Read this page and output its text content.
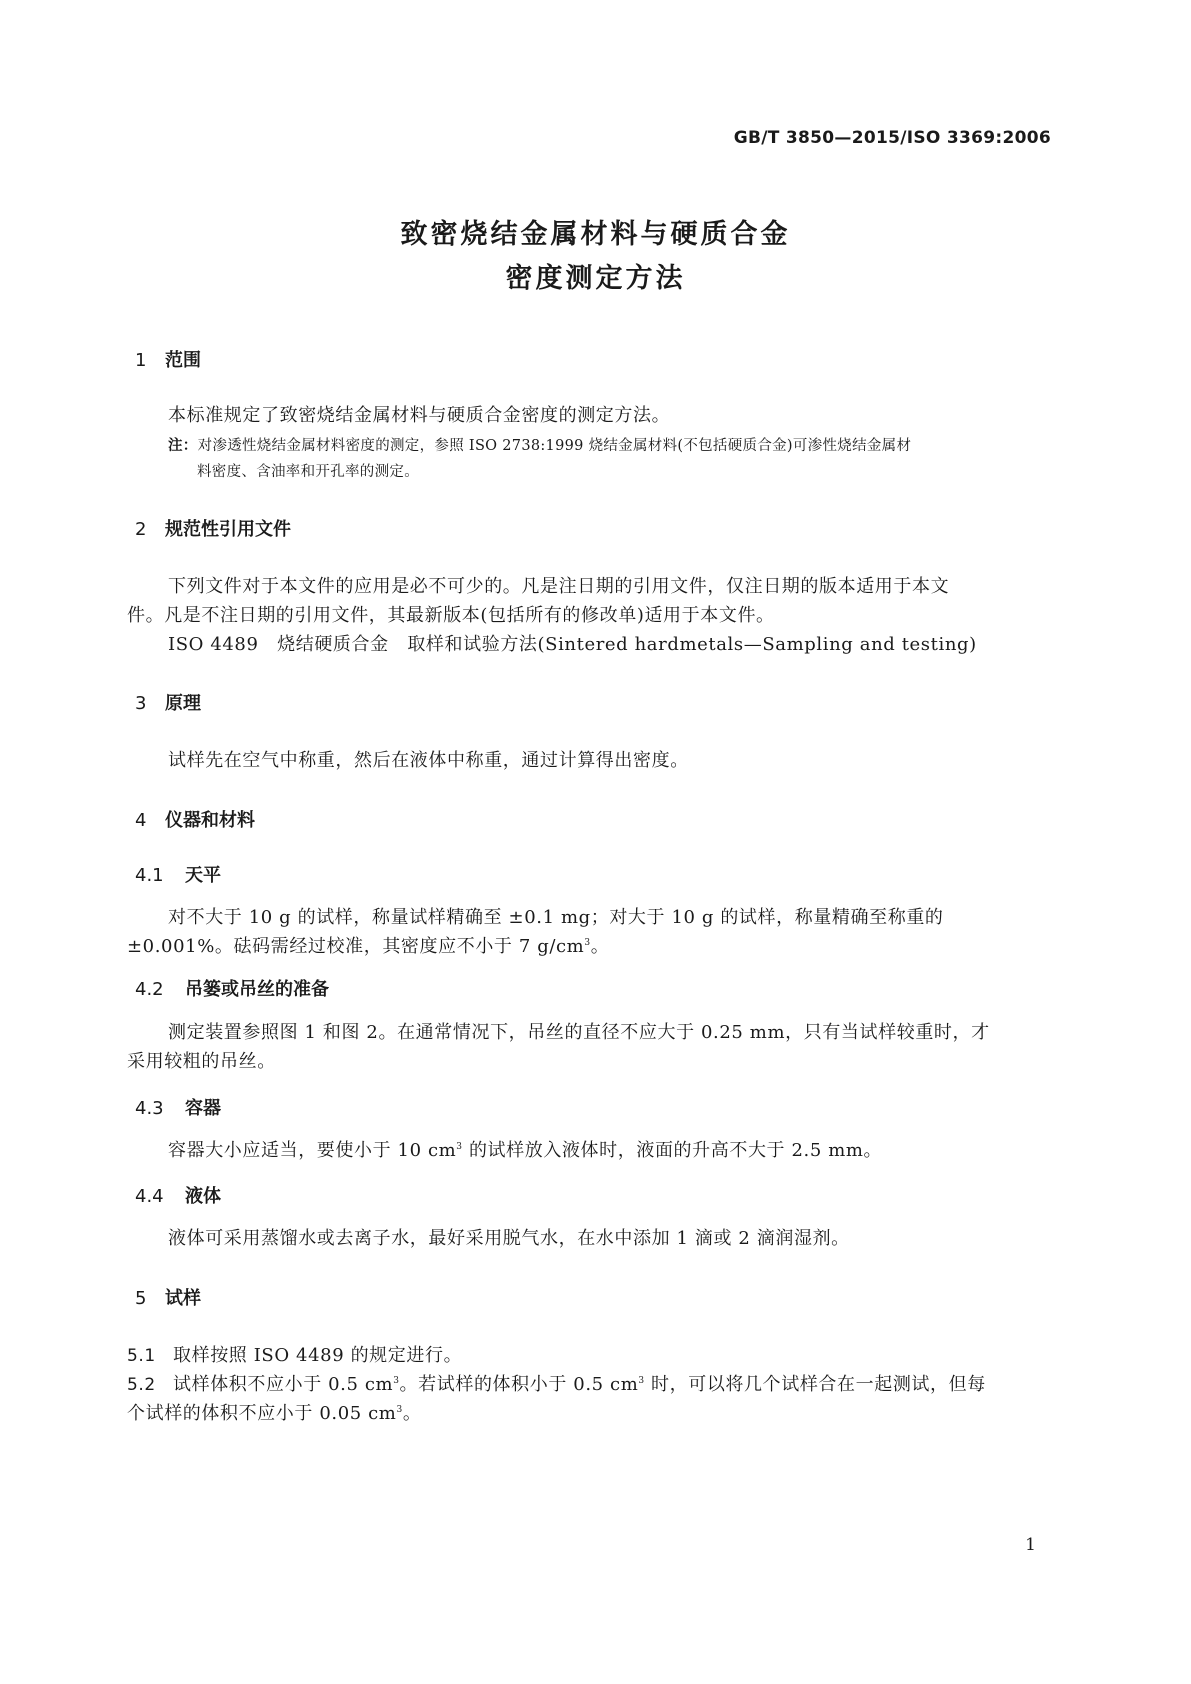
GB/T 3850—2015/ISO 3369:2006
致密烧结金属材料与硬质合金
密度测定方法
1 范围
本标准规定了致密烧结金属材料与硬质合金密度的测定方法。
注：对渗透性烧结金属材料密度的测定，参照 ISO 2738:1999 烧结金属材料(不包括硬质合金)可渗性烧结金属材
料密度、含油率和开孔率的测定。
2 规范性引用文件
下列文件对于本文件的应用是必不可少的。凡是注日期的引用文件，仅注日期的版本适用于本文
件。凡是不注日期的引用文件，其最新版本(包括所有的修改单)适用于本文件。
ISO 4489　烧结硬质合金　取样和试验方法(Sintered hardmetals—Sampling and testing)
3 原理
试样先在空气中称重，然后在液体中称重，通过计算得出密度。
4 仪器和材料
4.1 天平
对不大于 10 g 的试样，称量试样精确至 ±0.1 mg；对大于 10 g 的试样，称量精确至称重的
±0.001%。砝码需经过校准，其密度应不小于 7 $g/cm^3$。
4.2 吊篓或吊丝的准备
测定装置参照图 1 和图 2。在通常情况下，吊丝的直径不应大于 0.25 mm，只有当试样较重时，才
采用较粗的吊丝。
4.3 容器
容器大小应适当，要使小于 10 $cm^3$ 的试样放入液体时，液面的升高不大于 2.5 mm。
4.4 液体
液体可采用蒸馏水或去离子水，最好采用脱气水，在水中添加 1 滴或 2 滴润湿剂。
5 试样
5.1 取样按照 ISO 4489 的规定进行。
5.2 试样体积不应小于 0.5 $cm^3$。若试样的体积小于 0.5 $cm^3$ 时，可以将几个试样合在一起测试，但每
个试样的体积不应小于 0.05 $cm^3$。
1
